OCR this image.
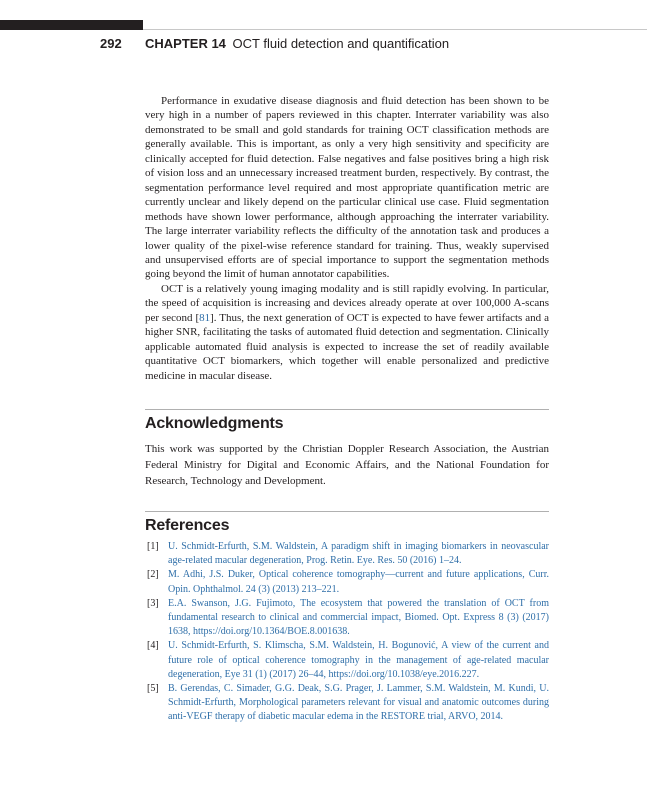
292 CHAPTER 14 OCT fluid detection and quantification

Performance in exudative disease diagnosis and fluid detection has been shown to be very high in a number of papers reviewed in this chapter. Interrater variability was also demonstrated to be small and gold standards for training OCT classification methods are generally available. This is important, as only a very high sensitivity and specificity are clinically accepted for fluid detection. False negatives and false positives bring a high risk of vision loss and an unnecessary increased treatment burden, respectively. By contrast, the segmentation performance level required and most appropriate quantification metric are currently unclear and likely depend on the particular clinical use case. Fluid segmentation methods have shown lower performance, although approaching the interrater variability. The large interrater variability reflects the difficulty of the annotation task and produces a lower quality of the pixel-wise reference standard for training. Thus, weakly supervised and unsupervised efforts are of special importance to support the segmentation methods going beyond the limit of human annotator capabilities.

OCT is a relatively young imaging modality and is still rapidly evolving. In particular, the speed of acquisition is increasing and devices already operate at over 100,000 A-scans per second [81]. Thus, the next generation of OCT is expected to have fewer artifacts and a higher SNR, facilitating the tasks of automated fluid detection and segmentation. Clinically applicable automated fluid analysis is expected to increase the set of readily available quantitative OCT biomarkers, which together will enable personalized and predictive medicine in macular disease.

Acknowledgments

This work was supported by the Christian Doppler Research Association, the Austrian Federal Ministry for Digital and Economic Affairs, and the National Foundation for Research, Technology and Development.

References
[1] U. Schmidt-Erfurth, S.M. Waldstein, A paradigm shift in imaging biomarkers in neovascular age-related macular degeneration, Prog. Retin. Eye. Res. 50 (2016) 1–24.
[2] M. Adhi, J.S. Duker, Optical coherence tomography—current and future applications, Curr. Opin. Ophthalmol. 24 (3) (2013) 213–221.
[3] E.A. Swanson, J.G. Fujimoto, The ecosystem that powered the translation of OCT from fundamental research to clinical and commercial impact, Biomed. Opt. Express 8 (3) (2017) 1638, https://doi.org/10.1364/BOE.8.001638.
[4] U. Schmidt-Erfurth, S. Klimscha, S.M. Waldstein, H. Bogunović, A view of the current and future role of optical coherence tomography in the management of age-related macular degeneration, Eye 31 (1) (2017) 26–44, https://doi.org/10.1038/eye.2016.227.
[5] B. Gerendas, C. Simader, G.G. Deak, S.G. Prager, J. Lammer, S.M. Waldstein, M. Kundi, U. Schmidt-Erfurth, Morphological parameters relevant for visual and anatomic outcomes during anti-VEGF therapy of diabetic macular edema in the RESTORE trial, ARVO, 2014.
